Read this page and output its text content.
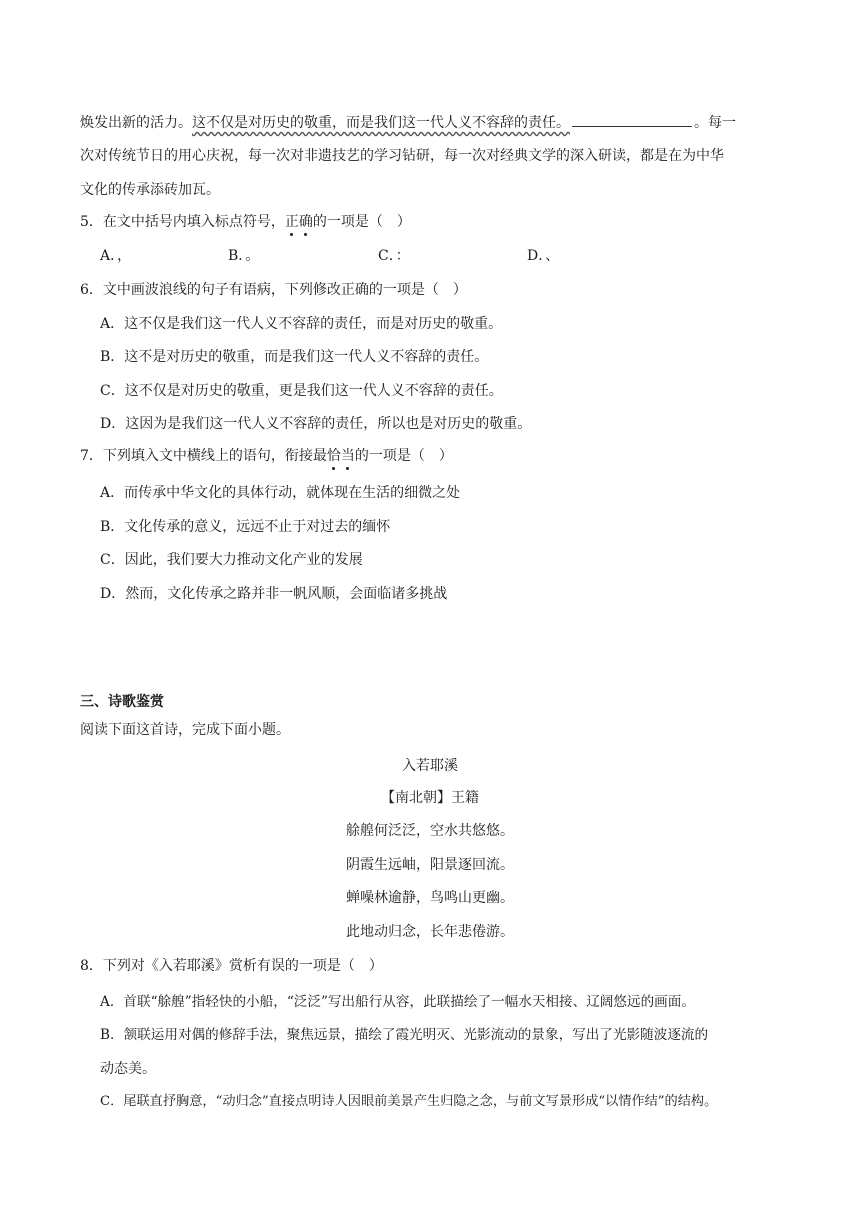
焕发出新的活力。这不仅是对历史的敬重，而是我们这一代人义不容辞的责任。	。每一
次对传统节日的用心庆祝，每一次对非遗技艺的学习钻研，每一次对经典文学的深入研读，都是在为中华
文化的传承添砖加瓦。
5．在文中括号内填入标点符号，正确的一项是（　）
A．，	B．。	C．：	D．、
6．文中画波浪线的句子有语病，下列修改正确的一项是（　）
A．这不仅是我们这一代人义不容辞的责任，而是对历史的敬重。
B．这不是对历史的敬重，而是我们这一代人义不容辞的责任。
C．这不仅是对历史的敬重，更是我们这一代人义不容辞的责任。
D．这因为是我们这一代人义不容辞的责任，所以也是对历史的敬重。
7．下列填入文中横线上的语句，衔接最恰当的一项是（　）
A．而传承中华文化的具体行动，就体现在生活的细微之处
B．文化传承的意义，远远不止于对过去的缅怀
C．因此，我们要大力推动文化产业的发展
D．然而，文化传承之路并非一帆风顺，会面临诸多挑战
三、诗歌鉴赏
阅读下面这首诗，完成下面小题。
入若耶溪
【南北朝】王籍
艅艎何泛泛，空水共悠悠。
阴霞生远岫，阳景逐回流。
蝉噪林逾静，鸟鸣山更幽。
此地动归念，长年悲倦游。
8．下列对《入若耶溪》赏析有误的一项是（　）
A．首联“艅艎”指轻快的小船，“泛泛”写出船行从容，此联描绘了一幅水天相接、辽阔悠远的画面。
B．颔联运用对偶的修辞手法，聚焦远景，描绘了霞光明灭、光影流动的景象，写出了光影随波逐流的
动态美。
C．尾联直抒胸意，“动归念”直接点明诗人因眼前美景产生归隐之念，与前文写景形成“以情作结”的结构。
